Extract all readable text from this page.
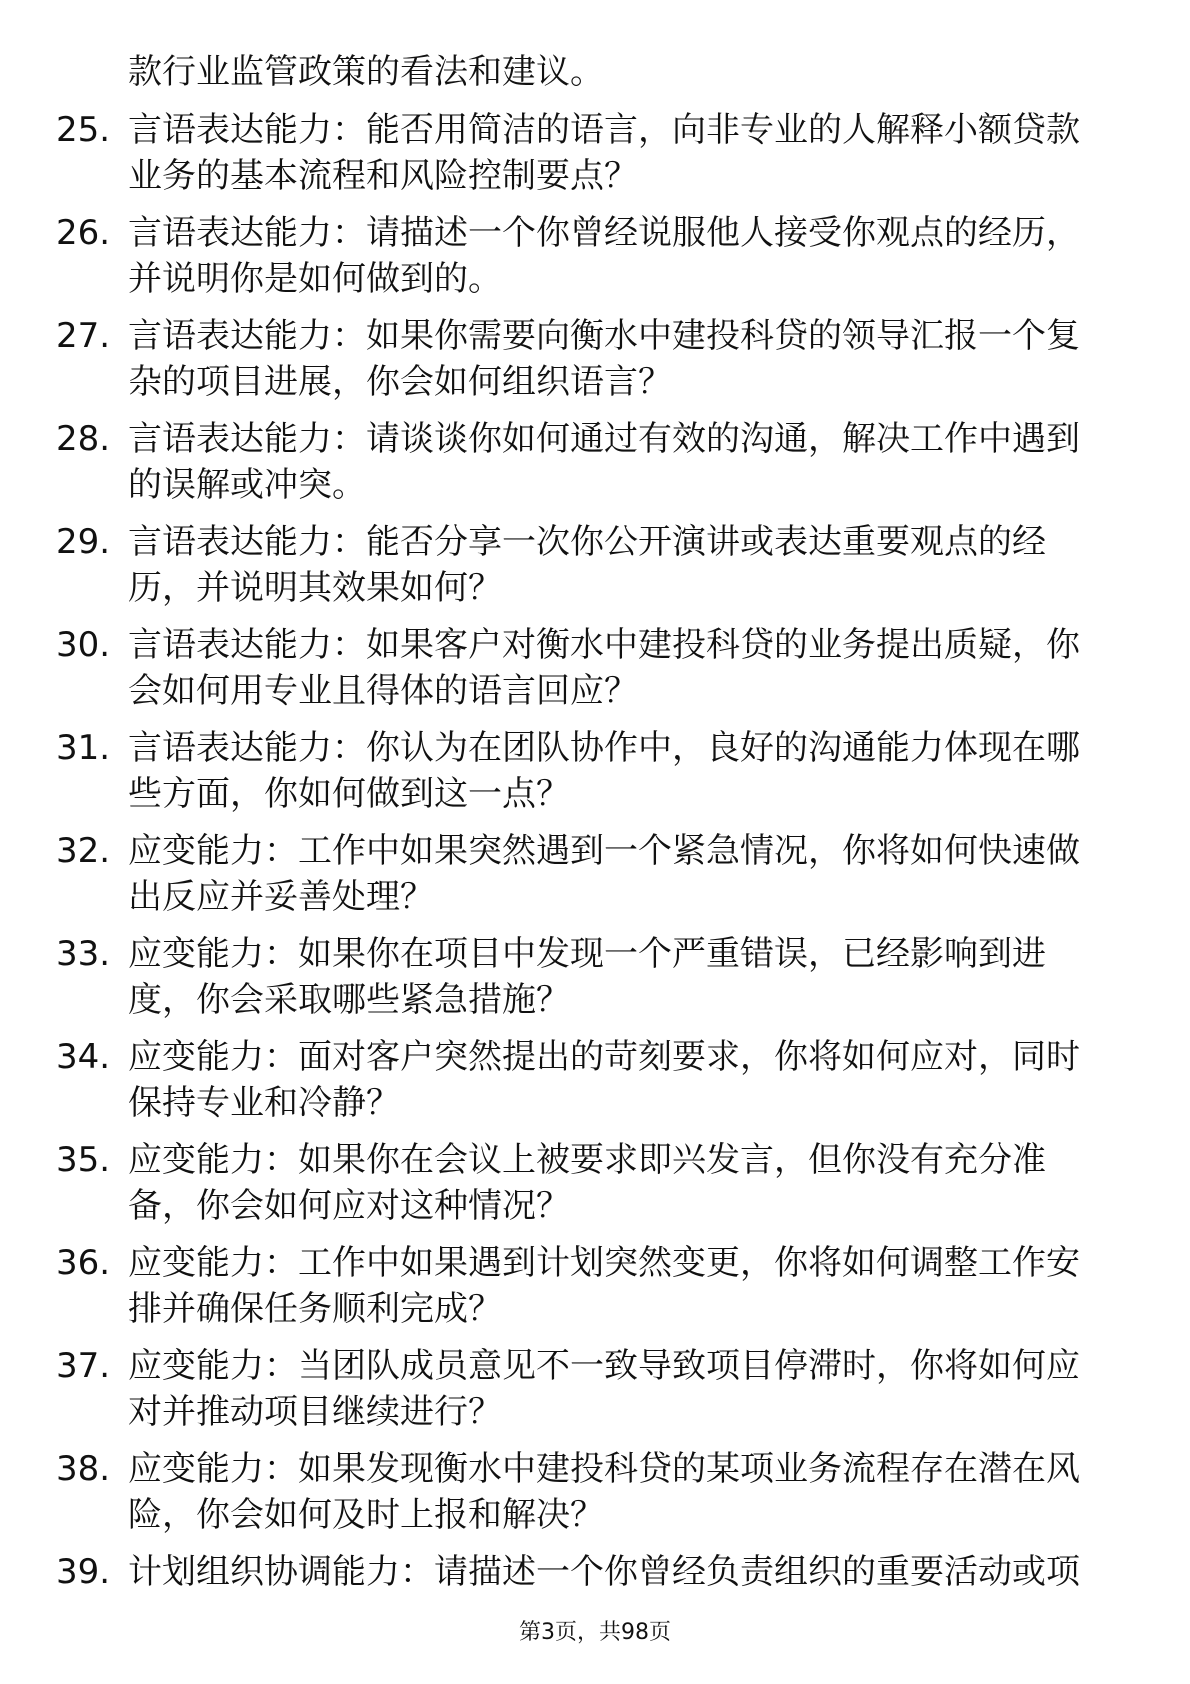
款行业监管政策的看法和建议。
25. 言语表达能力：能否用简洁的语言，向非专业的人解释小额贷款
业务的基本流程和风险控制要点？
26. 言语表达能力：请描述一个你曾经说服他人接受你观点的经历，
并说明你是如何做到的。
27. 言语表达能力：如果你需要向衡水中建投科贷的领导汇报一个复
杂的项目进展，你会如何组织语言？
28. 言语表达能力：请谈谈你如何通过有效的沟通，解决工作中遇到
的误解或冲突。
29. 言语表达能力：能否分享一次你公开演讲或表达重要观点的经
历，并说明其效果如何？
30. 言语表达能力：如果客户对衡水中建投科贷的业务提出质疑，你
会如何用专业且得体的语言回应？
31. 言语表达能力：你认为在团队协作中，良好的沟通能力体现在哪
些方面，你如何做到这一点？
32. 应变能力：工作中如果突然遇到一个紧急情况，你将如何快速做
出反应并妥善处理？
33. 应变能力：如果你在项目中发现一个严重错误，已经影响到进
度，你会采取哪些紧急措施？
34. 应变能力：面对客户突然提出的苛刻要求，你将如何应对，同时
保持专业和冷静？
35. 应变能力：如果你在会议上被要求即兴发言，但你没有充分准
备，你会如何应对这种情况？
36. 应变能力：工作中如果遇到计划突然变更，你将如何调整工作安
排并确保任务顺利完成？
37. 应变能力：当团队成员意见不一致导致项目停滞时，你将如何应
对并推动项目继续进行？
38. 应变能力：如果发现衡水中建投科贷的某项业务流程存在潜在风
险，你会如何及时上报和解决？
39. 计划组织协调能力：请描述一个你曾经负责组织的重要活动或项
第3页，共98页
